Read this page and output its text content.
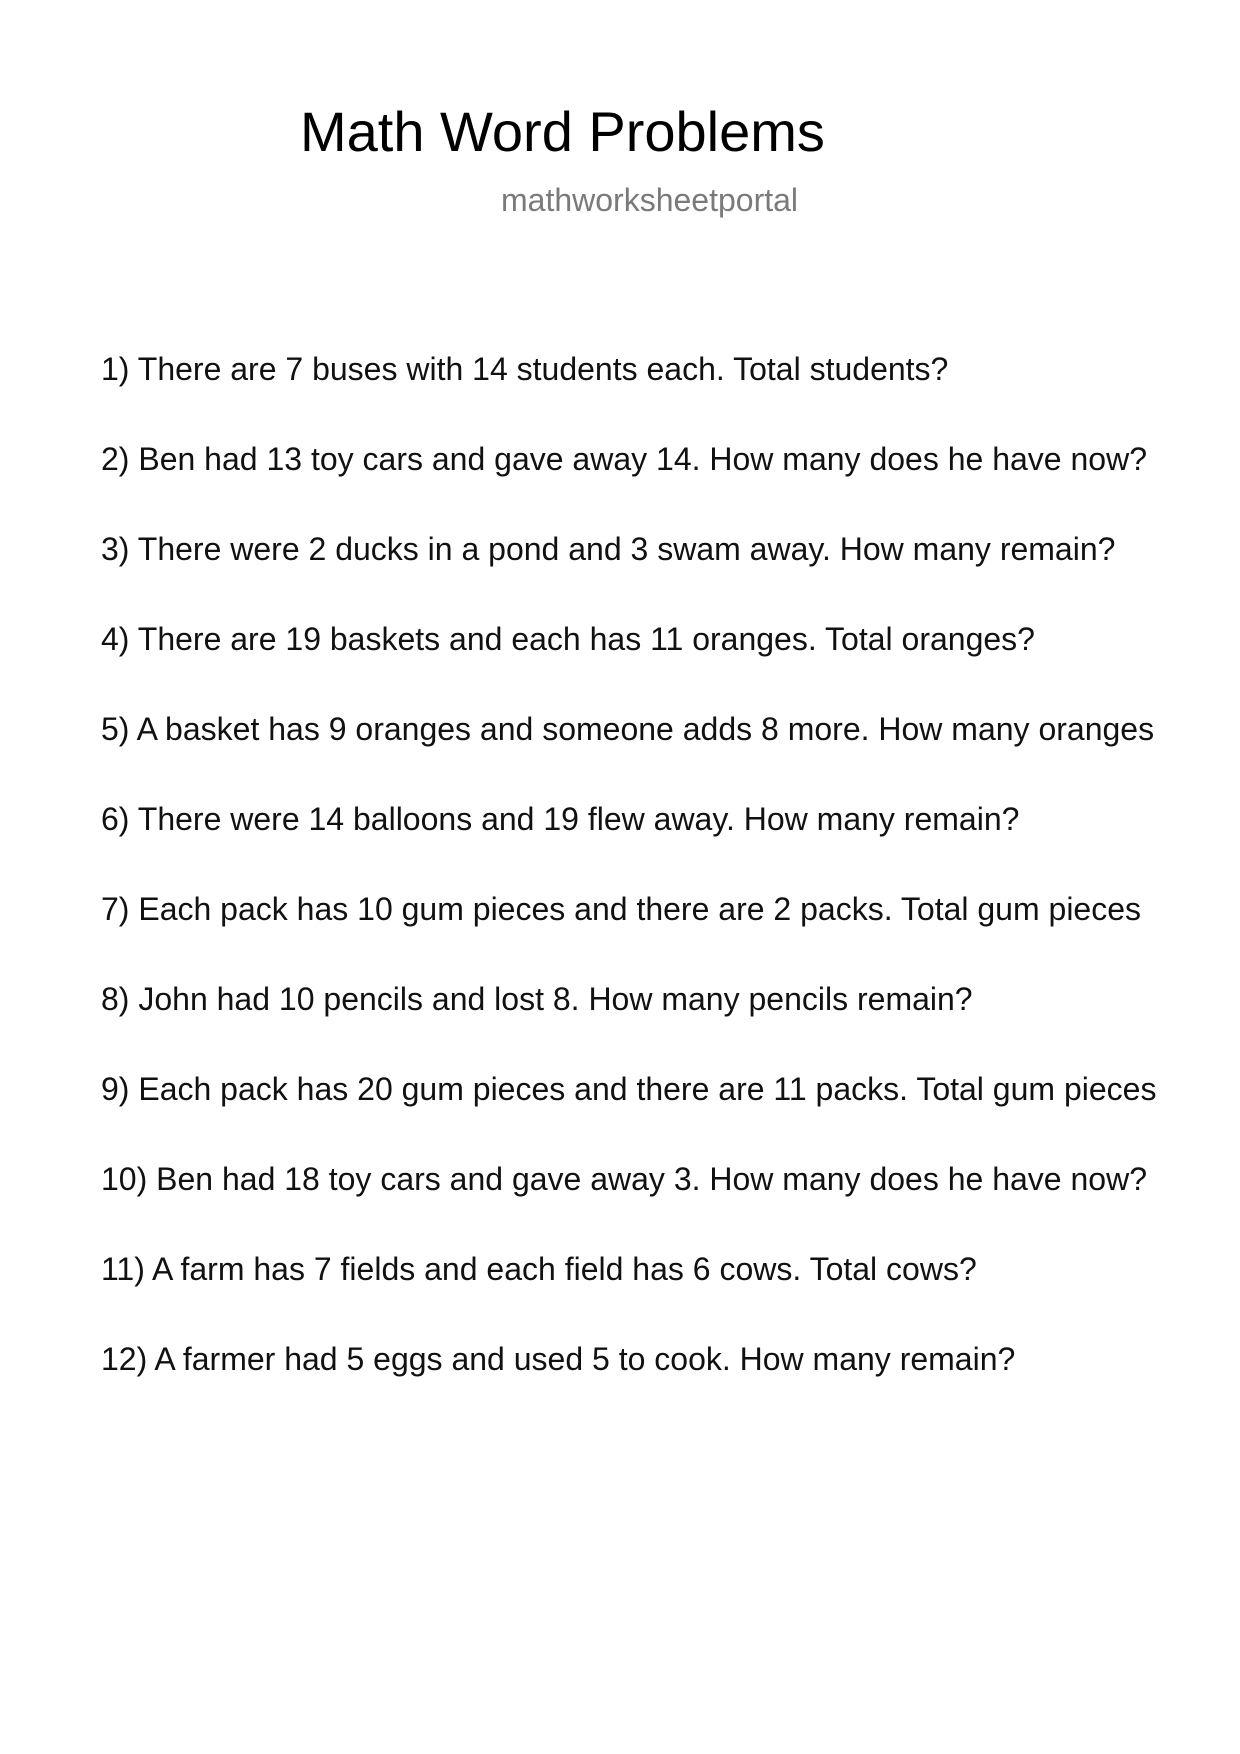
Math Word Problems
mathworksheetportal
1) There are 7 buses with 14 students each. Total students?
2) Ben had 13 toy cars and gave away 14. How many does he have now?
3) There were 2 ducks in a pond and 3 swam away. How many remain?
4) There are 19 baskets and each has 11 oranges. Total oranges?
5) A basket has 9 oranges and someone adds 8 more. How many oranges
6) There were 14 balloons and 19 flew away. How many remain?
7) Each pack has 10 gum pieces and there are 2 packs. Total gum pieces
8) John had 10 pencils and lost 8. How many pencils remain?
9) Each pack has 20 gum pieces and there are 11 packs. Total gum pieces
10) Ben had 18 toy cars and gave away 3. How many does he have now?
11) A farm has 7 fields and each field has 6 cows. Total cows?
12) A farmer had 5 eggs and used 5 to cook. How many remain?
